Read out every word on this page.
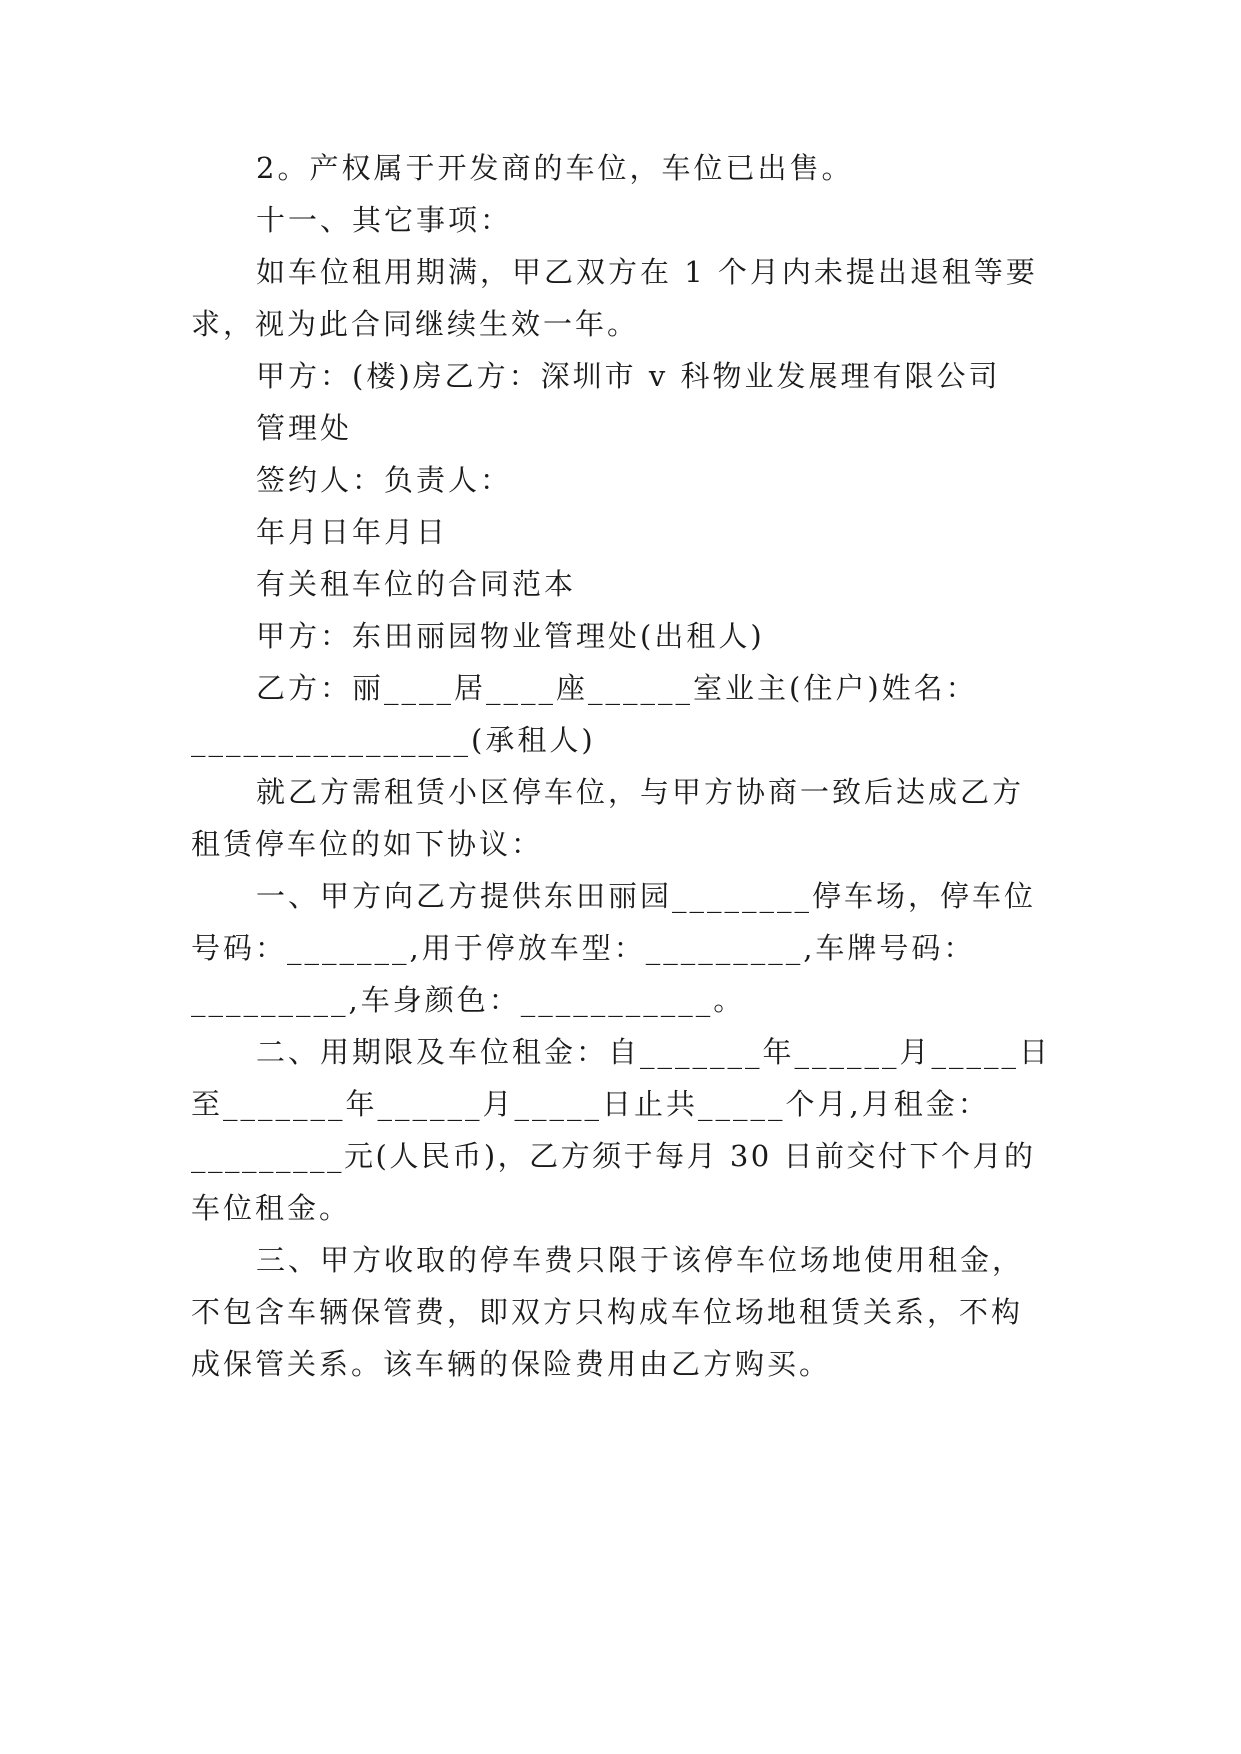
2。产权属于开发商的车位，车位已出售。
十一、其它事项：
如车位租用期满，甲乙双方在 1 个月内未提出退租等要
求，视为此合同继续生效一年。
甲方：(楼)房乙方：深圳市 v 科物业发展理有限公司
管理处
签约人：负责人：
年月日年月日
有关租车位的合同范本
甲方：东田丽园物业管理处(出租人)
乙方：丽____居____座______室业主(住户)姓名：
________________(承租人)
就乙方需租赁小区停车位，与甲方协商一致后达成乙方
租赁停车位的如下协议：
一、甲方向乙方提供东田丽园________停车场，停车位
号码：_______,用于停放车型：_________,车牌号码：
_________,车身颜色：___________。
二、用期限及车位租金：自_______年______月_____日
至_______年______月_____日止共_____个月,月租金：
_________元(人民币)，乙方须于每月 30 日前交付下个月的
车位租金。
三、甲方收取的停车费只限于该停车位场地使用租金，
不包含车辆保管费，即双方只构成车位场地租赁关系，不构
成保管关系。该车辆的保险费用由乙方购买。
